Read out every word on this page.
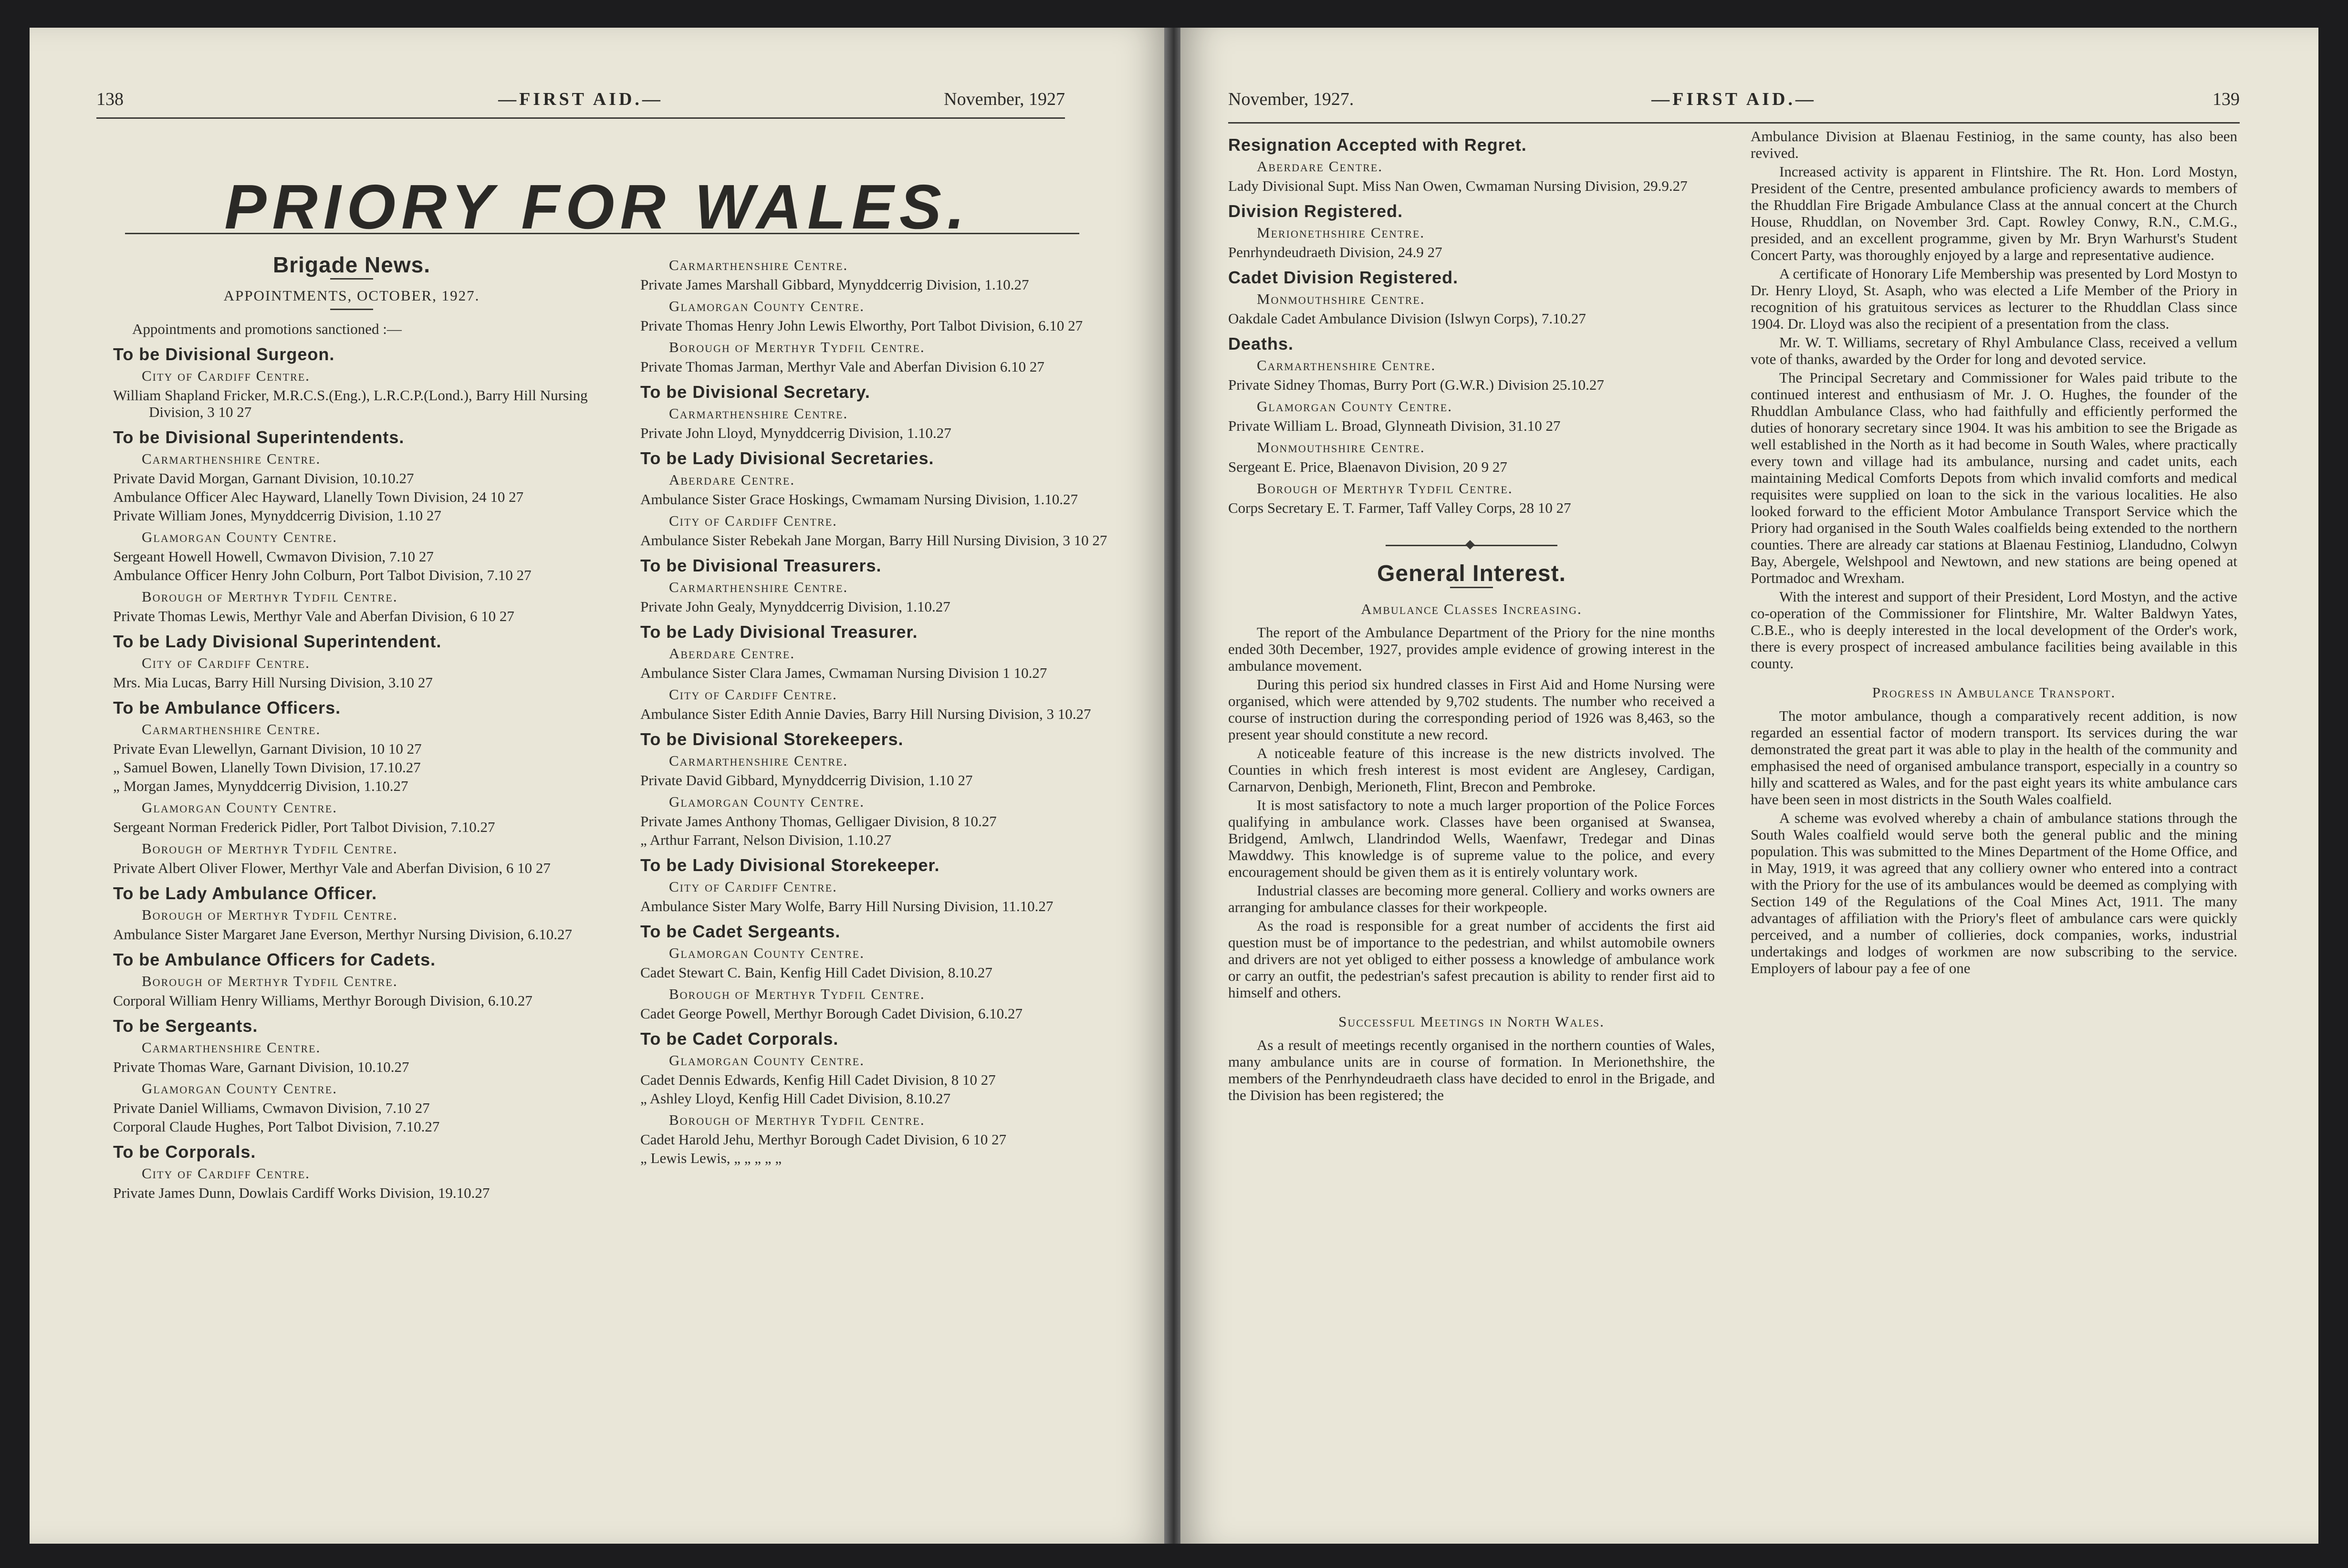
138	—FIRST AID.—	November, 1927
PRIORY FOR WALES.
Brigade News.
APPOINTMENTS, OCTOBER, 1927.

Appointments and promotions sanctioned :—

To be Divisional Surgeon.
City of Cardiff Centre.

William Shapland Fricker, M.R.C.S.(Eng.), L.R.C.P.(Lond.), Barry Hill Nursing Division, 3 10 27

To be Divisional Superintendents.
Carmarthenshire Centre.

Private David Morgan, Garnant Division, 10.10.27

Ambulance Officer Alec Hayward, Llanelly Town Division, 24 10 27

Private William Jones, Mynyddcerrig Division, 1.10 27

Glamorgan County Centre.

Sergeant Howell Howell, Cwmavon Division, 7.10 27

Ambulance Officer Henry John Colburn, Port Talbot Division, 7.10 27

Borough of Merthyr Tydfil Centre.

Private Thomas Lewis, Merthyr Vale and Aberfan Division, 6 10 27

To be Lady Divisional Superintendent.
City of Cardiff Centre.

Mrs. Mia Lucas, Barry Hill Nursing Division, 3.10 27

To be Ambulance Officers.
Carmarthenshire Centre.

Private Evan Llewellyn, Garnant Division, 10 10 27

„ Samuel Bowen, Llanelly Town Division, 17.10.27

„ Morgan James, Mynyddcerrig Division, 1.10.27

Glamorgan County Centre.

Sergeant Norman Frederick Pidler, Port Talbot Division, 7.10.27

Borough of Merthyr Tydfil Centre.

Private Albert Oliver Flower, Merthyr Vale and Aberfan Division, 6 10 27

To be Lady Ambulance Officer.
Borough of Merthyr Tydfil Centre.

Ambulance Sister Margaret Jane Everson, Merthyr Nursing Division, 6.10.27

To be Ambulance Officers for Cadets.
Borough of Merthyr Tydfil Centre.

Corporal William Henry Williams, Merthyr Borough Division, 6.10.27

To be Sergeants.
Carmarthenshire Centre.

Private Thomas Ware, Garnant Division, 10.10.27

Glamorgan County Centre.

Private Daniel Williams, Cwmavon Division, 7.10 27

Corporal Claude Hughes, Port Talbot Division, 7.10.27

To be Corporals.
City of Cardiff Centre.

Private James Dunn, Dowlais Cardiff Works Division, 19.10.27

Carmarthenshire Centre.

Private James Marshall Gibbard, Mynyddcerrig Division, 1.10.27

Glamorgan County Centre.

Private Thomas Henry John Lewis Elworthy, Port Talbot Division, 6.10 27

Borough of Merthyr Tydfil Centre.

Private Thomas Jarman, Merthyr Vale and Aberfan Division 6.10 27

To be Divisional Secretary.
Carmarthenshire Centre.

Private John Lloyd, Mynyddcerrig Division, 1.10.27

To be Lady Divisional Secretaries.
Aberdare Centre.

Ambulance Sister Grace Hoskings, Cwmamam Nursing Division, 1.10.27

City of Cardiff Centre.

Ambulance Sister Rebekah Jane Morgan, Barry Hill Nursing Division, 3 10 27

To be Divisional Treasurers.
Carmarthenshire Centre.

Private John Gealy, Mynyddcerrig Division, 1.10.27

To be Lady Divisional Treasurer.
Aberdare Centre.

Ambulance Sister Clara James, Cwmaman Nursing Division 1 10.27

City of Cardiff Centre.

Ambulance Sister Edith Annie Davies, Barry Hill Nursing Division, 3 10.27

To be Divisional Storekeepers.
Carmarthenshire Centre.

Private David Gibbard, Mynyddcerrig Division, 1.10 27

Glamorgan County Centre.

Private James Anthony Thomas, Gelligaer Division, 8 10.27

„ Arthur Farrant, Nelson Division, 1.10.27

To be Lady Divisional Storekeeper.
City of Cardiff Centre.

Ambulance Sister Mary Wolfe, Barry Hill Nursing Division, 11.10.27

To be Cadet Sergeants.
Glamorgan County Centre.

Cadet Stewart C. Bain, Kenfig Hill Cadet Division, 8.10.27

Borough of Merthyr Tydfil Centre.

Cadet George Powell, Merthyr Borough Cadet Division, 6.10.27

To be Cadet Corporals.
Glamorgan County Centre.

Cadet Dennis Edwards, Kenfig Hill Cadet Division, 8 10 27

„ Ashley Lloyd, Kenfig Hill Cadet Division, 8.10.27

Borough of Merthyr Tydfil Centre.

Cadet Harold Jehu, Merthyr Borough Cadet Division, 6 10 27

„ Lewis Lewis, „ „ „ „ „

November, 1927.	—FIRST AID.—	139
Resignation Accepted with Regret.
Aberdare Centre.

Lady Divisional Supt. Miss Nan Owen, Cwmaman Nursing Division, 29.9.27

Division Registered.
Merionethshire Centre.

Penrhyndeudraeth Division, 24.9 27

Cadet Division Registered.
Monmouthshire Centre.

Oakdale Cadet Ambulance Division (Islwyn Corps), 7.10.27

Deaths.
Carmarthenshire Centre.

Private Sidney Thomas, Burry Port (G.W.R.) Division 25.10.27

Glamorgan County Centre.

Private William L. Broad, Glynneath Division, 31.10 27

Monmouthshire Centre.

Sergeant E. Price, Blaenavon Division, 20 9 27

Borough of Merthyr Tydfil Centre.

Corps Secretary E. T. Farmer, Taff Valley Corps, 28 10 27

General Interest.
Ambulance Classes Increasing.

The report of the Ambulance Department of the Priory for the nine months ended 30th December, 1927, provides ample evidence of growing interest in the ambulance movement.

During this period six hundred classes in First Aid and Home Nursing were organised, which were attended by 9,702 students. The number who received a course of instruction during the corresponding period of 1926 was 8,463, so the present year should constitute a new record.

A noticeable feature of this increase is the new districts involved. The Counties in which fresh interest is most evident are Anglesey, Cardigan, Carnarvon, Denbigh, Merioneth, Flint, Brecon and Pembroke.

It is most satisfactory to note a much larger proportion of the Police Forces qualifying in ambulance work. Classes have been organised at Swansea, Bridgend, Amlwch, Llandrindod Wells, Waenfawr, Tredegar and Dinas Mawddwy. This knowledge is of supreme value to the police, and every encouragement should be given them as it is entirely voluntary work.

Industrial classes are becoming more general. Colliery and works owners are arranging for ambulance classes for their workpeople.

As the road is responsible for a great number of accidents the first aid question must be of importance to the pedestrian, and whilst automobile owners and drivers are not yet obliged to either possess a knowledge of ambulance work or carry an outfit, the pedestrian's safest precaution is ability to render first aid to himself and others.

Successful Meetings in North Wales.

As a result of meetings recently organised in the northern counties of Wales, many ambulance units are in course of formation. In Merionethshire, the members of the Penrhyndeudraeth class have decided to enrol in the Brigade, and the Division has been registered; the

Ambulance Division at Blaenau Festiniog, in the same county, has also been revived.

Increased activity is apparent in Flintshire. The Rt. Hon. Lord Mostyn, President of the Centre, presented ambulance proficiency awards to members of the Rhuddlan Fire Brigade Ambulance Class at the annual concert at the Church House, Rhuddlan, on November 3rd. Capt. Rowley Conwy, R.N., C.M.G., presided, and an excellent programme, given by Mr. Bryn Warhurst's Student Concert Party, was thoroughly enjoyed by a large and representative audience.

A certificate of Honorary Life Membership was presented by Lord Mostyn to Dr. Henry Lloyd, St. Asaph, who was elected a Life Member of the Priory in recognition of his gratuitous services as lecturer to the Rhuddlan Class since 1904. Dr. Lloyd was also the recipient of a presentation from the class.

Mr. W. T. Williams, secretary of Rhyl Ambulance Class, received a vellum vote of thanks, awarded by the Order for long and devoted service.

The Principal Secretary and Commissioner for Wales paid tribute to the continued interest and enthusiasm of Mr. J. O. Hughes, the founder of the Rhuddlan Ambulance Class, who had faithfully and efficiently performed the duties of honorary secretary since 1904. It was his ambition to see the Brigade as well established in the North as it had become in South Wales, where practically every town and village had its ambulance, nursing and cadet units, each maintaining Medical Comforts Depots from which invalid comforts and medical requisites were supplied on loan to the sick in the various localities. He also looked forward to the efficient Motor Ambulance Transport Service which the Priory had organised in the South Wales coalfields being extended to the northern counties. There are already car stations at Blaenau Festiniog, Llandudno, Colwyn Bay, Abergele, Welshpool and Newtown, and new stations are being opened at Portmadoc and Wrexham.

With the interest and support of their President, Lord Mostyn, and the active co-operation of the Commissioner for Flintshire, Mr. Walter Baldwyn Yates, C.B.E., who is deeply interested in the local development of the Order's work, there is every prospect of increased ambulance facilities being available in this county.

Progress in Ambulance Transport.

The motor ambulance, though a comparatively recent addition, is now regarded an essential factor of modern transport. Its services during the war demonstrated the great part it was able to play in the health of the community and emphasised the need of organised ambulance transport, especially in a country so hilly and scattered as Wales, and for the past eight years its white ambulance cars have been seen in most districts in the South Wales coalfield.

A scheme was evolved whereby a chain of ambulance stations through the South Wales coalfield would serve both the general public and the mining population. This was submitted to the Mines Department of the Home Office, and in May, 1919, it was agreed that any colliery owner who entered into a contract with the Priory for the use of its ambulances would be deemed as complying with Section 149 of the Regulations of the Coal Mines Act, 1911. The many advantages of affiliation with the Priory's fleet of ambulance cars were quickly perceived, and a number of collieries, dock companies, works, industrial undertakings and lodges of workmen are now subscribing to the service. Employers of labour pay a fee of one
